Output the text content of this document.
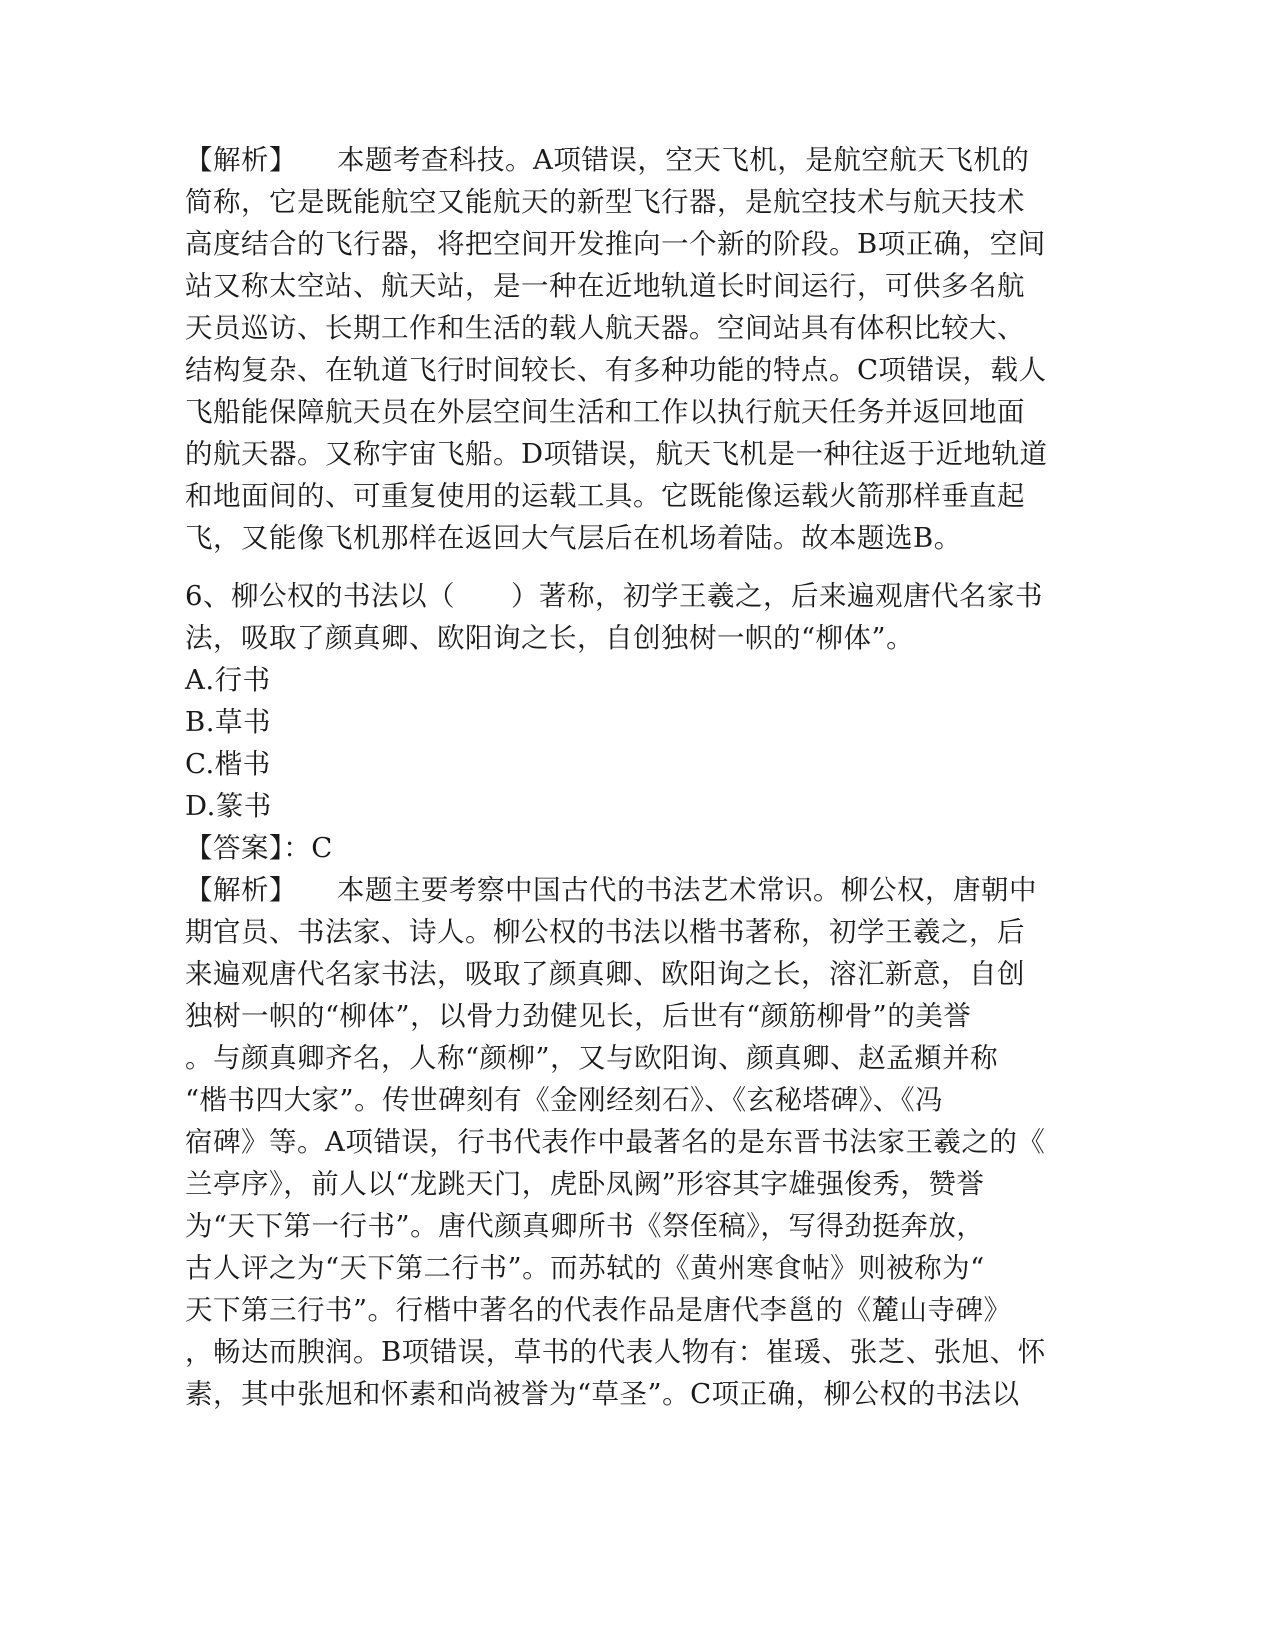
【解析】 本题考查科技。A项错误，空天飞机，是航空航天飞机的
简称，它是既能航空又能航天的新型飞行器，是航空技术与航天技术
高度结合的飞行器，将把空间开发推向一个新的阶段。B项正确，空间
站又称太空站、航天站，是一种在近地轨道长时间运行，可供多名航
天员巡访、长期工作和生活的载人航天器。空间站具有体积比较大、
结构复杂、在轨道飞行时间较长、有多种功能的特点。C项错误，载人
飞船能保障航天员在外层空间生活和工作以执行航天任务并返回地面
的航天器。又称宇宙飞船。D项错误，航天飞机是一种往返于近地轨道
和地面间的、可重复使用的运载工具。它既能像运载火箭那样垂直起
飞，又能像飞机那样在返回大气层后在机场着陆。故本题选B。
6、柳公权的书法以（　　）著称，初学王羲之，后来遍观唐代名家书
法，吸取了颜真卿、欧阳询之长，自创独树一帜的“柳体”。
A.行书
B.草书
C.楷书
D.篆书
【答案】：C
【解析】 本题主要考察中国古代的书法艺术常识。柳公权，唐朝中
期官员、书法家、诗人。柳公权的书法以楷书著称，初学王羲之，后
来遍观唐代名家书法，吸取了颜真卿、欧阳询之长，溶汇新意，自创
独树一帜的“柳体”，以骨力劲健见长，后世有“颜筋柳骨”的美誉
。与颜真卿齐名，人称“颜柳”，又与欧阳询、颜真卿、赵孟頫并称
“楷书四大家”。传世碑刻有《金刚经刻石》、《玄秘塔碑》、《冯
宿碑》等。A项错误，行书代表作中最著名的是东晋书法家王羲之的《
兰亭序》，前人以“龙跳天门，虎卧凤阙”形容其字雄强俊秀，赞誉
为“天下第一行书”。唐代颜真卿所书《祭侄稿》，写得劲挺奔放，
古人评之为“天下第二行书”。而苏轼的《黄州寒食帖》则被称为“
天下第三行书”。行楷中著名的代表作品是唐代李邕的《麓山寺碑》
，畅达而腴润。B项错误，草书的代表人物有：崔瑗、张芝、张旭、怀
素，其中张旭和怀素和尚被誉为“草圣”。C项正确，柳公权的书法以
